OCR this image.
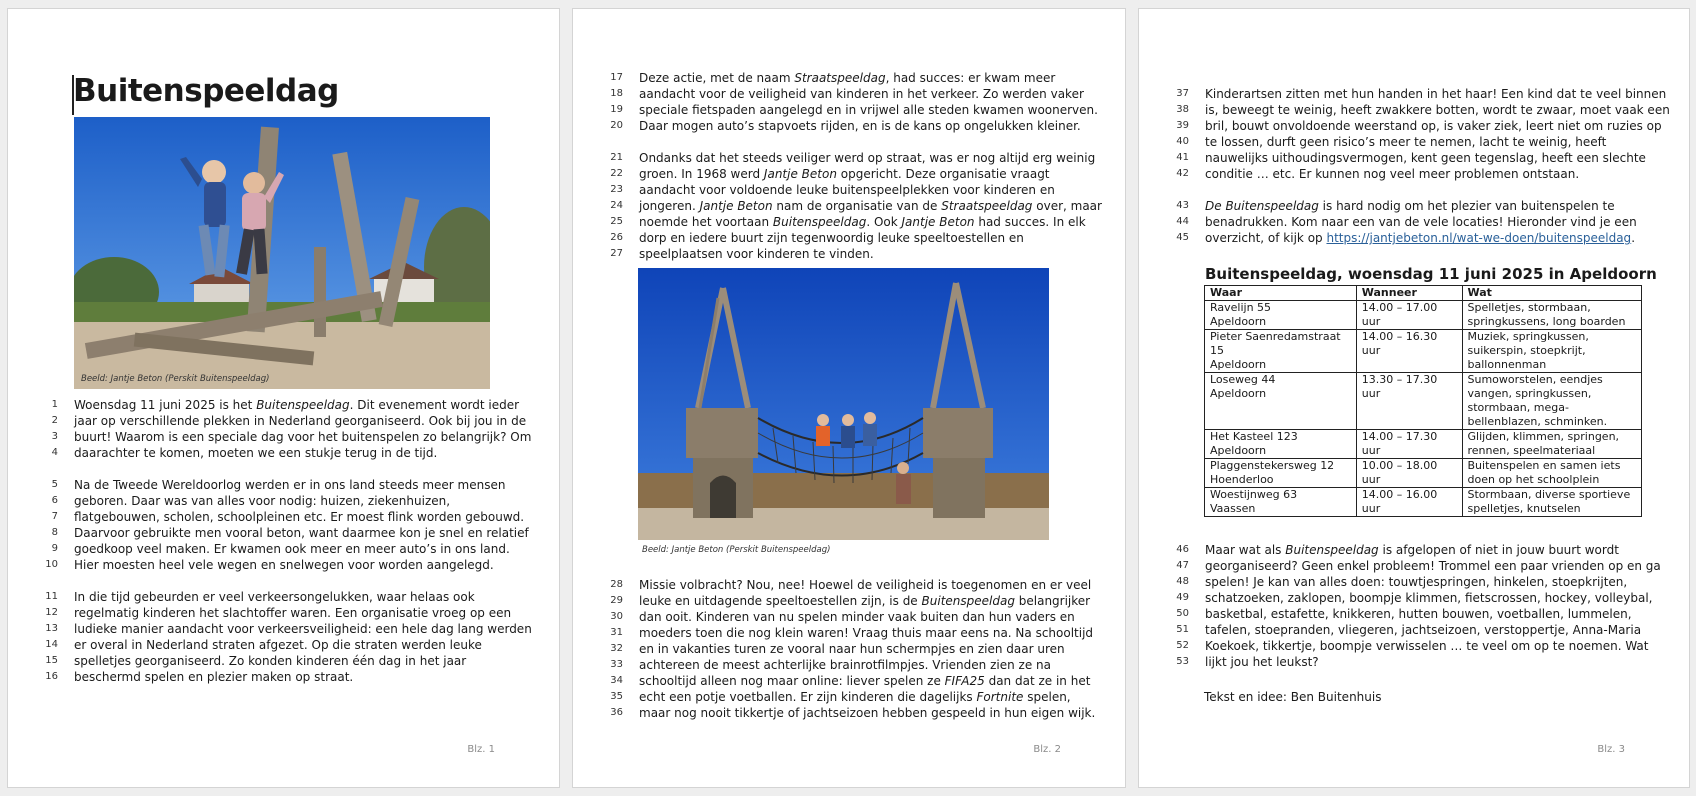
Buitenspeeldag
Beeld: Jantje Beton (Perskit Buitenspeeldag)
1 Woensdag 11 juni 2025 is het Buitenspeeldag. Dit evenement wordt ieder
2 jaar op verschillende plekken in Nederland georganiseerd. Ook bij jou in de
3 buurt! Waarom is een speciale dag voor het buitenspelen zo belangrijk? Om
4 daarachter te komen, moeten we een stukje terug in de tijd.
5 Na de Tweede Wereldoorlog werden er in ons land steeds meer mensen
6 geboren. Daar was van alles voor nodig: huizen, ziekenhuizen,
7 flatgebouwen, scholen, schoolpleinen etc. Er moest flink worden gebouwd.
8 Daarvoor gebruikte men vooral beton, want daarmee kon je snel en relatief
9 goedkoop veel maken. Er kwamen ook meer en meer auto’s in ons land.
10 Hier moesten heel vele wegen en snelwegen voor worden aangelegd.
11 In die tijd gebeurden er veel verkeersongelukken, waar helaas ook
12 regelmatig kinderen het slachtoffer waren. Een organisatie vroeg op een
13 ludieke manier aandacht voor verkeersveiligheid: een hele dag lang werden
14 er overal in Nederland straten afgezet. Op die straten werden leuke
15 spelletjes georganiseerd. Zo konden kinderen één dag in het jaar
16 beschermd spelen en plezier maken op straat.
Blz. 1
17 Deze actie, met de naam Straatspeeldag, had succes: er kwam meer
18 aandacht voor de veiligheid van kinderen in het verkeer. Zo werden vaker
19 speciale fietspaden aangelegd en in vrijwel alle steden kwamen woonerven.
20 Daar mogen auto’s stapvoets rijden, en is de kans op ongelukken kleiner.
21 Ondanks dat het steeds veiliger werd op straat, was er nog altijd erg weinig
22 groen. In 1968 werd Jantje Beton opgericht. Deze organisatie vraagt
23 aandacht voor voldoende leuke buitenspeelplekken voor kinderen en
24 jongeren. Jantje Beton nam de organisatie van de Straatspeeldag over, maar
25 noemde het voortaan Buitenspeeldag. Ook Jantje Beton had succes. In elk
26 dorp en iedere buurt zijn tegenwoordig leuke speeltoestellen en
27 speelplaatsen voor kinderen te vinden.
Beeld: Jantje Beton (Perskit Buitenspeeldag)
28 Missie volbracht? Nou, nee! Hoewel de veiligheid is toegenomen en er veel
29 leuke en uitdagende speeltoestellen zijn, is de Buitenspeeldag belangrijker
30 dan ooit. Kinderen van nu spelen minder vaak buiten dan hun vaders en
31 moeders toen die nog klein waren! Vraag thuis maar eens na. Na schooltijd
32 en in vakanties turen ze vooral naar hun schermpjes en zien daar uren
33 achtereen de meest achterlijke brainrotfilmpjes. Vrienden zien ze na
34 schooltijd alleen nog maar online: liever spelen ze FIFA25 dan dat ze in het
35 echt een potje voetballen. Er zijn kinderen die dagelijks Fortnite spelen,
36 maar nog nooit tikkertje of jachtseizoen hebben gespeeld in hun eigen wijk.
Blz. 2
37 Kinderartsen zitten met hun handen in het haar! Een kind dat te veel binnen
38 is, beweegt te weinig, heeft zwakkere botten, wordt te zwaar, moet vaak een
39 bril, bouwt onvoldoende weerstand op, is vaker ziek, leert niet om ruzies op
40 te lossen, durft geen risico’s meer te nemen, lacht te weinig, heeft
41 nauwelijks uithoudingsvermogen, kent geen tegenslag, heeft een slechte
42 conditie … etc. Er kunnen nog veel meer problemen ontstaan.
43 De Buitenspeeldag is hard nodig om het plezier van buitenspelen te
44 benadrukken. Kom naar een van de vele locaties! Hieronder vind je een
45 overzicht, of kijk op https://jantjebeton.nl/wat-we-doen/buitenspeeldag.
Buitenspeeldag, woensdag 11 juni 2025 in Apeldoorn
Waar	Wanneer	Wat
Ravelijn 55
Apeldoorn	14.00 – 17.00 uur	Spelletjes, stormbaan, springkussens, long boarden
Pieter Saenredamstraat 15
Apeldoorn	14.00 – 16.30 uur	Muziek, springkussen, suikerspin, stoepkrijt, ballonnenman
Loseweg 44
Apeldoorn	13.30 – 17.30 uur	Sumoworstelen, eendjes vangen, springkussen, stormbaan, mega-bellenblazen, schminken.
Het Kasteel 123
Apeldoorn	14.00 – 17.30 uur	Glijden, klimmen, springen, rennen, speelmateriaal
Plaggenstekersweg 12
Hoenderloo	10.00 – 18.00 uur	Buitenspelen en samen iets doen op het schoolplein
Woestijnweg 63
Vaassen	14.00 – 16.00 uur	Stormbaan, diverse sportieve spelletjes, knutselen
46 Maar wat als Buitenspeeldag is afgelopen of niet in jouw buurt wordt
47 georganiseerd? Geen enkel probleem! Trommel een paar vrienden op en ga
48 spelen! Je kan van alles doen: touwtjespringen, hinkelen, stoepkrijten,
49 schatzoeken, zaklopen, boompje klimmen, fietscrossen, hockey, volleybal,
50 basketbal, estafette, knikkeren, hutten bouwen, voetballen, lummelen,
51 tafelen, stoepranden, vliegeren, jachtseizoen, verstoppertje, Anna-Maria
52 Koekoek, tikkertje, boompje verwisselen … te veel om op te noemen. Wat
53 lijkt jou het leukst?
Tekst en idee: Ben Buitenhuis
Blz. 3
